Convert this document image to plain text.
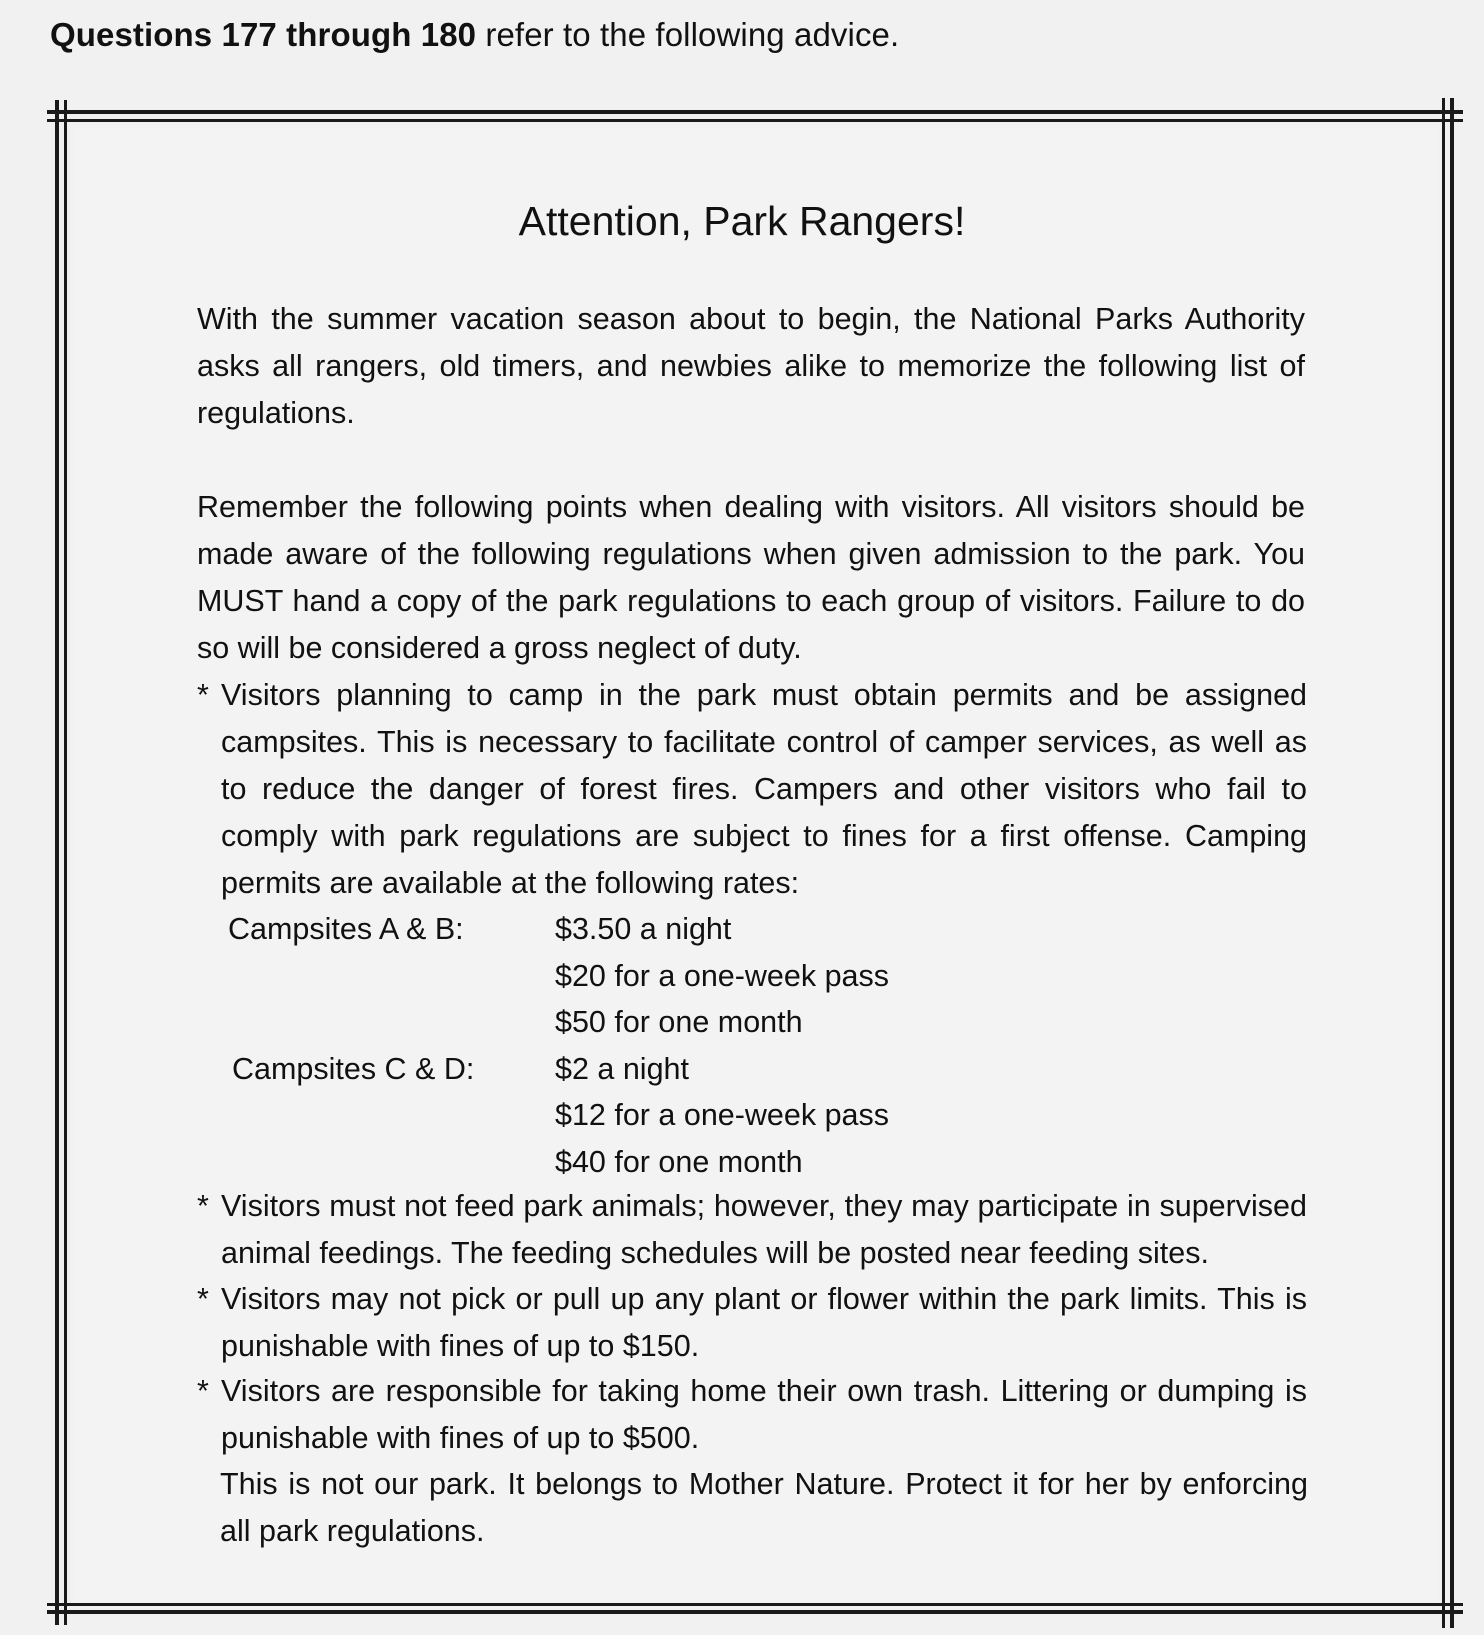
Questions 177 through 180 refer to the following advice.
Attention, Park Rangers!
With the summer vacation season about to begin, the National Parks Authority asks all rangers, old timers, and newbies alike to memorize the following list of regulations.
Remember the following points when dealing with visitors. All visitors should be made aware of the following regulations when given admission to the park. You MUST hand a copy of the park regulations to each group of visitors. Failure to do so will be considered a gross neglect of duty.
* Visitors planning to camp in the park must obtain permits and be assigned campsites. This is necessary to facilitate control of camper services, as well as to reduce the danger of forest fires. Campers and other visitors who fail to comply with park regulations are subject to fines for a first offense. Camping permits are available at the following rates:
Campsites A & B:	$3.50 a night
$20 for a one-week pass
$50 for one month
Campsites C & D:	$2 a night
$12 for a one-week pass
$40 for one month
* Visitors must not feed park animals; however, they may participate in supervised animal feedings. The feeding schedules will be posted near feeding sites.
* Visitors may not pick or pull up any plant or flower within the park limits. This is punishable with fines of up to $150.
* Visitors are responsible for taking home their own trash. Littering or dumping is punishable with fines of up to $500.
This is not our park. It belongs to Mother Nature. Protect it for her by enforcing all park regulations.
